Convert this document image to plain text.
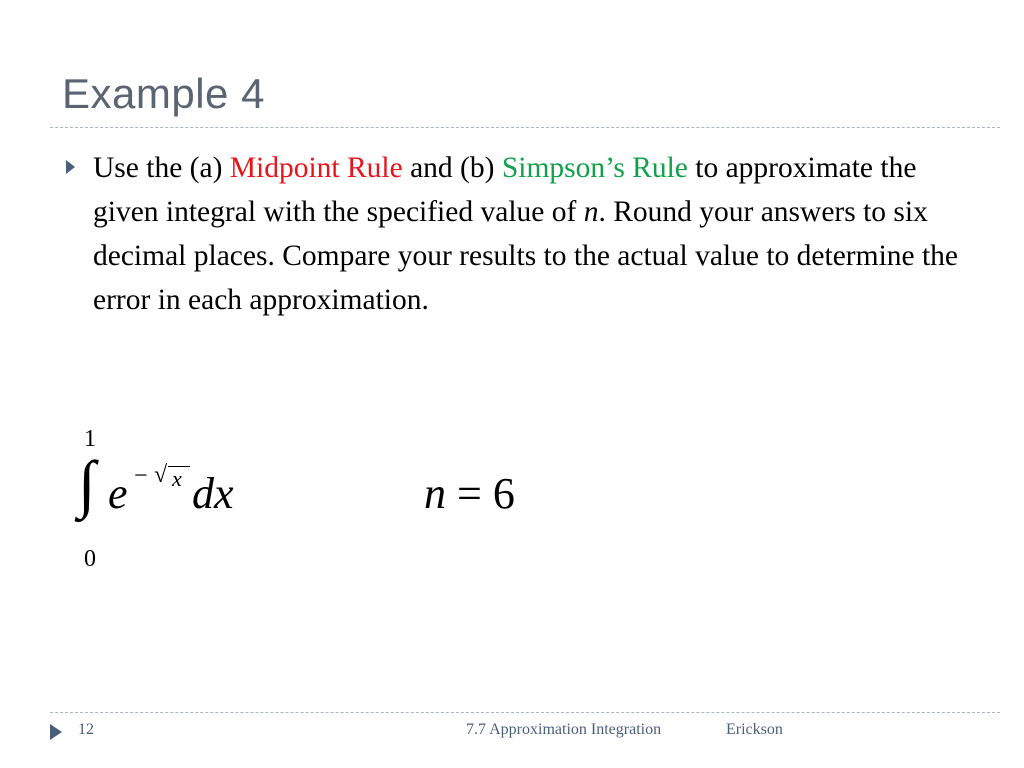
Example 4
Use the (a) Midpoint Rule and (b) Simpson’s Rule to approximate the given integral with the specified value of n. Round your answers to six decimal places. Compare your results to the actual value to determine the error in each approximation.
1
∫
0
e − √ x dx	n = 6
12	7.7 Approximation Integration	Erickson
